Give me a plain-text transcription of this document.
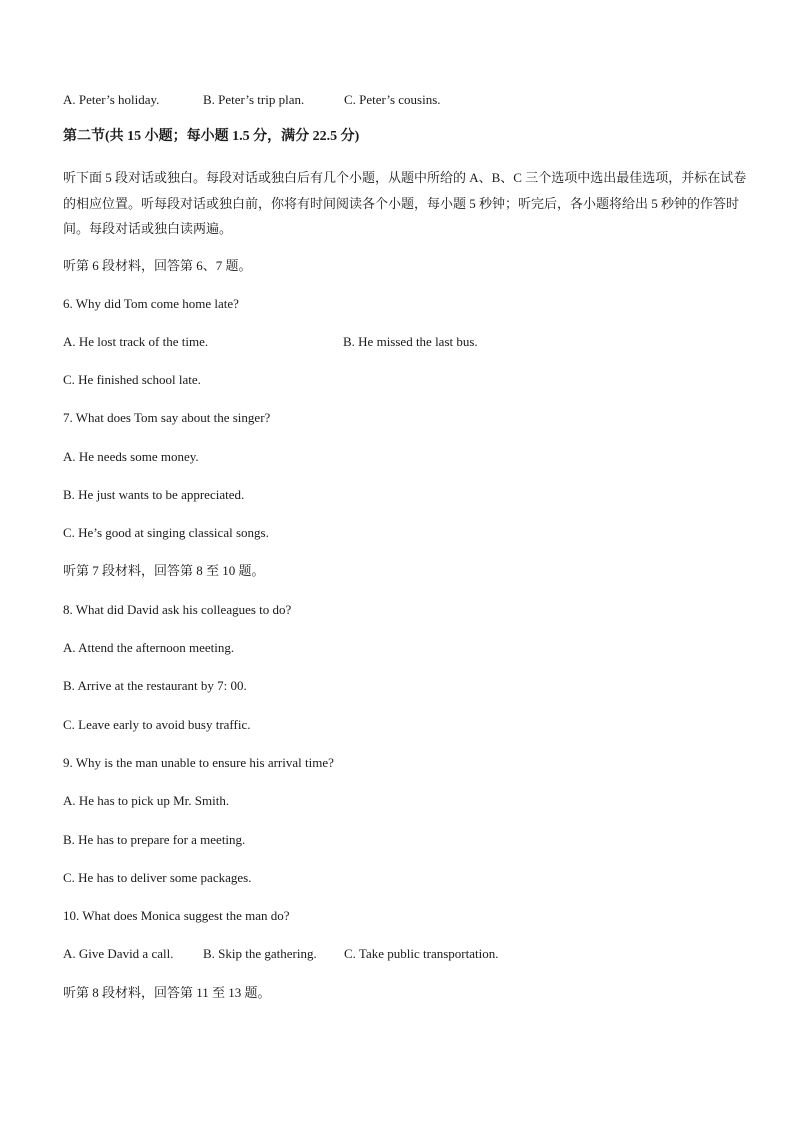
A. Peter’s holiday.	B. Peter’s trip plan.	C. Peter’s cousins.
第二节(共 15 小题；每小题 1.5 分，满分 22.5 分)
听下面 5 段对话或独白。每段对话或独白后有几个小题，从题中所给的 A、B、C 三个选项中选出最佳选项，并标在试卷的相应位置。听每段对话或独白前，你将有时间阅读各个小题，每小题 5 秒钟；听完后，各小题将给出 5 秒钟的作答时间。每段对话或独白读两遍。
听第 6 段材料，回答第 6、7 题。
6. Why did Tom come home late?
A. He lost track of the time.	B. He missed the last bus.
C. He finished school late.
7. What does Tom say about the singer?
A. He needs some money.
B. He just wants to be appreciated.
C. He’s good at singing classical songs.
听第 7 段材料，回答第 8 至 10 题。
8. What did David ask his colleagues to do?
A. Attend the afternoon meeting.
B. Arrive at the restaurant by 7: 00.
C. Leave early to avoid busy traffic.
9. Why is the man unable to ensure his arrival time?
A. He has to pick up Mr. Smith.
B. He has to prepare for a meeting.
C. He has to deliver some packages.
10. What does Monica suggest the man do?
A. Give David a call. B. Skip the gathering. C. Take public transportation.
听第 8 段材料，回答第 11 至 13 题。
